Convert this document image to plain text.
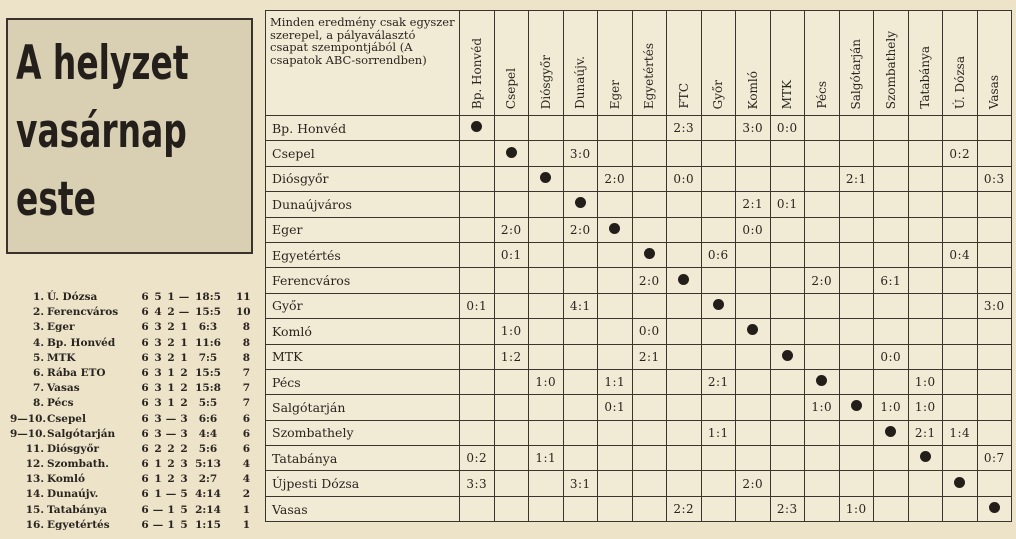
A helyzet
vasárnap
este
1. Ú. Dózsa	6 5 1 — 18:5	11
2. Ferencváros 6 4 2 — 15:5	10
3. Eger	6 3 2 1	6:3	8
4. Bp. Honvéd 6 3 2 1 11:6	8
5. MTK	6 3 2 1	7:5	8
6. Rába ETO	6 3 1 2 15:5	7
7. Vasas	6 3 1 2 15:8	7
8. Pécs	6 3 1 2	5:5	7
9—10. Csepel	6 3 — 3	6:6	6
9—10. Salgótarján 6 3 — 3	4:4	6
11. Diósgyőr	6 2 2 2	5:6	6
12. Szombath.	6 1 2 3 5:13	4
13. Komló	6 1 2 3	2:7	4
14. Dunaújv.	6 1 — 5 4:14	2
15. Tatabánya	6 — 1 5 2:14	1
16. Egyetértés	6 — 1 5 1:15	1
Minden eredmény csak egyszer szerepel, a pályaválasztó csapat szempontjából (A csapatok ABC-sorrendben)	Bp. Honvéd	Csepel	Diósgyőr	Dunaújv.	Eger	Egyetértés	FTC	Győr	Komló	MTK	Pécs	Salgótarján	Szombathely	Tatabánya	Ú. Dózsa	Vasas

Bp. Honvéd							2:3		3:0	0:0						
Csepel				3:0											0:2	
Diósgyőr					2:0		0:0					2:1				0:3
Dunaújváros									2:1	0:1						
Eger		2:0		2:0					0:0							
Egyetértés		0:1						0:6							0:4	
Ferencváros						2:0					2:0		6:1			
Győr	0:1			4:1												3:0
Komló		1:0				0:0										
MTK		1:2				2:1							0:0			
Pécs			1:0		1:1			2:1						1:0		
Salgótarján					0:1						1:0		1:0	1:0		
Szombathely								1:1						2:1	1:4	
Tatabánya	0:2		1:1													0:7
Újpesti Dózsa	3:3			3:1					2:0							
Vasas							2:2			2:3		1:0				
